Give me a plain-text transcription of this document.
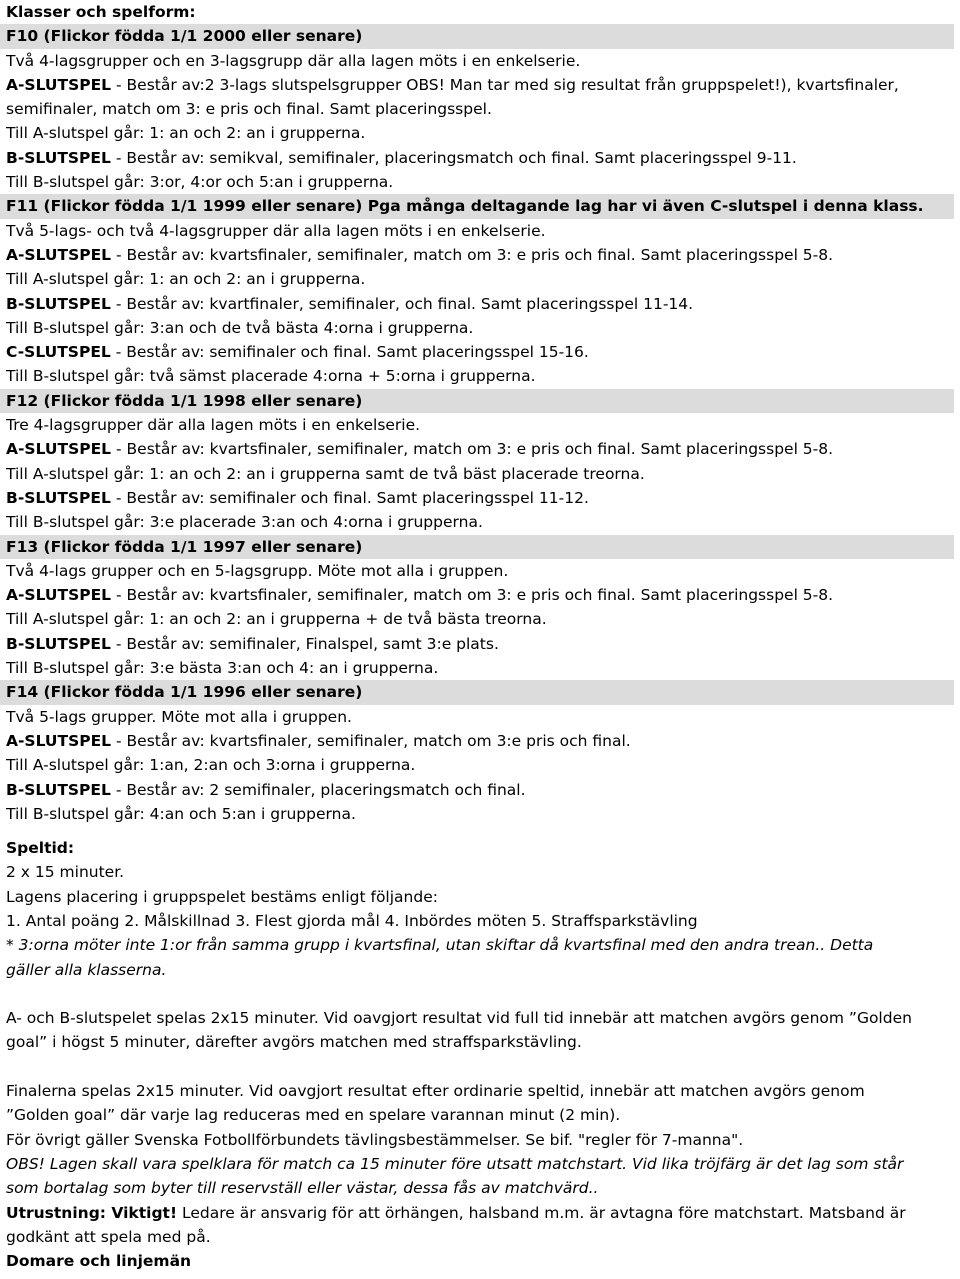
Klasser och spelform:
F10 (Flickor födda 1/1 2000 eller senare)
Två 4-lagsgrupper och en 3-lagsgrupp där alla lagen möts i en enkelserie.
A-SLUTSPEL - Består av:2 3-lags slutspelsgrupper OBS! Man tar med sig resultat från gruppspelet!), kvartsfinaler,
semifinaler, match om 3: e pris och final. Samt placeringsspel.
Till A-slutspel går: 1: an och 2: an i grupperna.
B-SLUTSPEL - Består av: semikval, semifinaler, placeringsmatch och final. Samt placeringsspel 9-11.
Till B-slutspel går: 3:or, 4:or och 5:an i grupperna.
F11 (Flickor födda 1/1 1999 eller senare) Pga många deltagande lag har vi även C-slutspel i denna klass.
Två 5-lags- och två 4-lagsgrupper där alla lagen möts i en enkelserie.
A-SLUTSPEL - Består av: kvartsfinaler, semifinaler, match om 3: e pris och final. Samt placeringsspel 5-8.
Till A-slutspel går: 1: an och 2: an i grupperna.
B-SLUTSPEL - Består av: kvartfinaler, semifinaler, och final. Samt placeringsspel 11-14.
Till B-slutspel går: 3:an och de två bästa 4:orna i grupperna.
C-SLUTSPEL - Består av: semifinaler och final. Samt placeringsspel 15-16.
Till B-slutspel går: två sämst placerade 4:orna + 5:orna i grupperna.
F12 (Flickor födda 1/1 1998 eller senare)
Tre 4-lagsgrupper där alla lagen möts i en enkelserie.
A-SLUTSPEL - Består av: kvartsfinaler, semifinaler, match om 3: e pris och final. Samt placeringsspel 5-8.
Till A-slutspel går: 1: an och 2: an i grupperna samt de två bäst placerade treorna.
B-SLUTSPEL - Består av: semifinaler och final. Samt placeringsspel 11-12.
Till B-slutspel går: 3:e placerade 3:an och 4:orna i grupperna.
F13 (Flickor födda 1/1 1997 eller senare)
Två 4-lags grupper och en 5-lagsgrupp. Möte mot alla i gruppen.
A-SLUTSPEL - Består av: kvartsfinaler, semifinaler, match om 3: e pris och final. Samt placeringsspel 5-8.
Till A-slutspel går: 1: an och 2: an i grupperna + de två bästa treorna.
B-SLUTSPEL - Består av: semifinaler, Finalspel, samt 3:e plats.
Till B-slutspel går: 3:e bästa 3:an och 4: an i grupperna.
F14 (Flickor födda 1/1 1996 eller senare)
Två 5-lags grupper. Möte mot alla i gruppen.
A-SLUTSPEL - Består av: kvartsfinaler, semifinaler, match om 3:e pris och final.
Till A-slutspel går: 1:an, 2:an och 3:orna i grupperna.
B-SLUTSPEL - Består av: 2 semifinaler, placeringsmatch och final.
Till B-slutspel går: 4:an och 5:an i grupperna.
Speltid:
2 x 15 minuter.
Lagens placering i gruppspelet bestäms enligt följande:
1. Antal poäng 2. Målskillnad 3. Flest gjorda mål 4. Inbördes möten 5. Straffsparkstävling
* 3:orna möter inte 1:or från samma grupp i kvartsfinal, utan skiftar då kvartsfinal med den andra trean.. Detta
gäller alla klasserna.
A- och B-slutspelet spelas 2x15 minuter. Vid oavgjort resultat vid full tid innebär att matchen avgörs genom ”Golden
goal” i högst 5 minuter, därefter avgörs matchen med straffsparkstävling.
Finalerna spelas 2x15 minuter. Vid oavgjort resultat efter ordinarie speltid, innebär att matchen avgörs genom
”Golden goal” där varje lag reduceras med en spelare varannan minut (2 min).
För övrigt gäller Svenska Fotbollförbundets tävlingsbestämmelser. Se bif. "regler för 7-manna".
OBS! Lagen skall vara spelklara för match ca 15 minuter före utsatt matchstart. Vid lika tröjfärg är det lag som står
som bortalag som byter till reservställ eller västar, dessa fås av matchvärd..
Utrustning: Viktigt! Ledare är ansvarig för att örhängen, halsband m.m. är avtagna före matchstart. Matsband är
godkänt att spela med på.
Domare och linjemän
